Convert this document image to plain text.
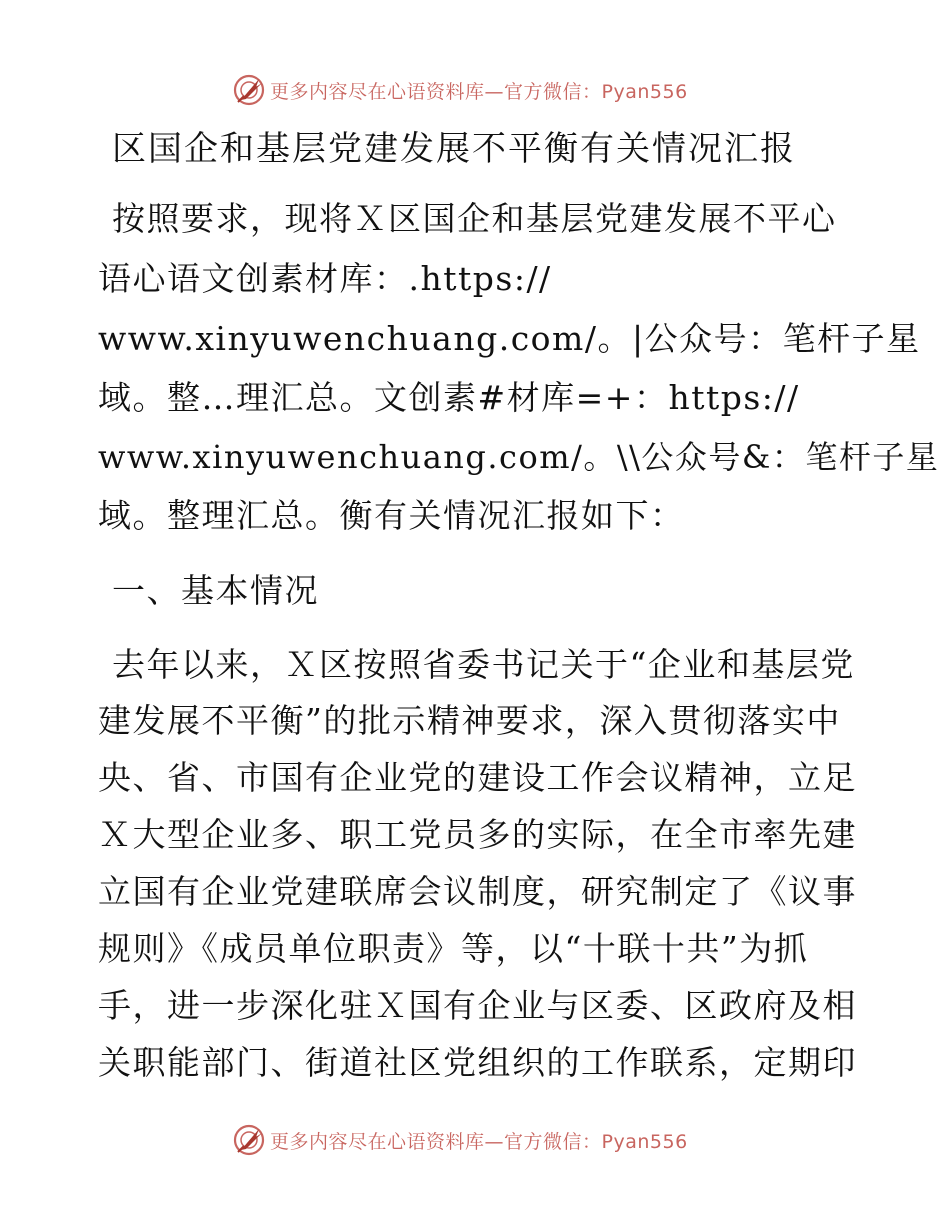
更多内容尽在心语资料库—官方微信：Pyan556
区国企和基层党建发展不平衡有关情况汇报
按照要求，现将Ｘ区国企和基层党建发展不平心
语心语文创素材库：.https://
www.xinyuwenchuang.com/。|公众号：笔杆子星
域。整…理汇总。文创素#材库=+：https://
www.xinyuwenchuang.com/。\\公众号&：笔杆子星
域。整理汇总。衡有关情况汇报如下：
一、基本情况
去年以来，Ｘ区按照省委书记关于“企业和基层党
建发展不平衡”的批示精神要求，深入贯彻落实中
央、省、市国有企业党的建设工作会议精神，立足
Ｘ大型企业多、职工党员多的实际，在全市率先建
立国有企业党建联席会议制度，研究制定了《议事
规则》《成员单位职责》等，以“十联十共”为抓
手，进一步深化驻Ｘ国有企业与区委、区政府及相
关职能部门、街道社区党组织的工作联系，定期印
更多内容尽在心语资料库—官方微信：Pyan556
